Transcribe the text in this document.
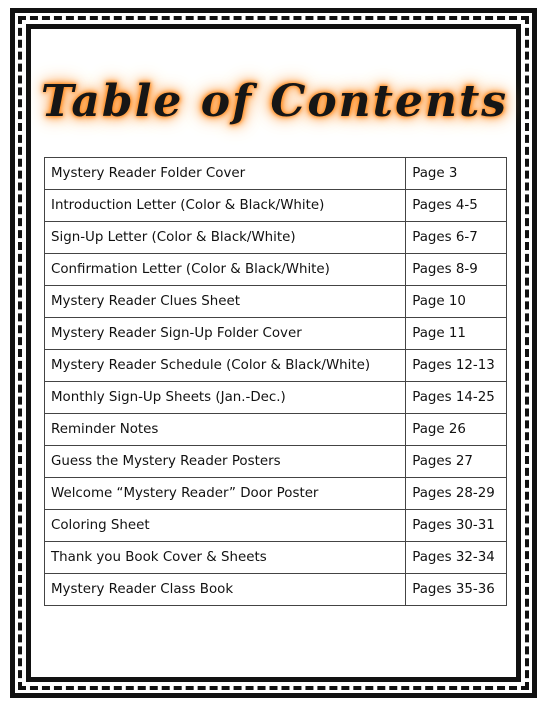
Table of Contents
Mystery Reader Folder Cover	Page 3
Introduction Letter (Color & Black/White)	Pages 4-5
Sign-Up Letter (Color & Black/White)	Pages 6-7
Confirmation Letter (Color & Black/White)	Pages 8-9
Mystery Reader Clues Sheet	Page 10
Mystery Reader Sign-Up Folder Cover	Page 11
Mystery Reader Schedule (Color & Black/White)	Pages 12-13
Monthly Sign-Up Sheets (Jan.-Dec.)	Pages 14-25
Reminder Notes	Page 26
Guess the Mystery Reader Posters	Pages 27
Welcome “Mystery Reader” Door Poster	Pages 28-29
Coloring Sheet	Pages 30-31
Thank you Book Cover & Sheets	Pages 32-34
Mystery Reader Class Book	Pages 35-36
